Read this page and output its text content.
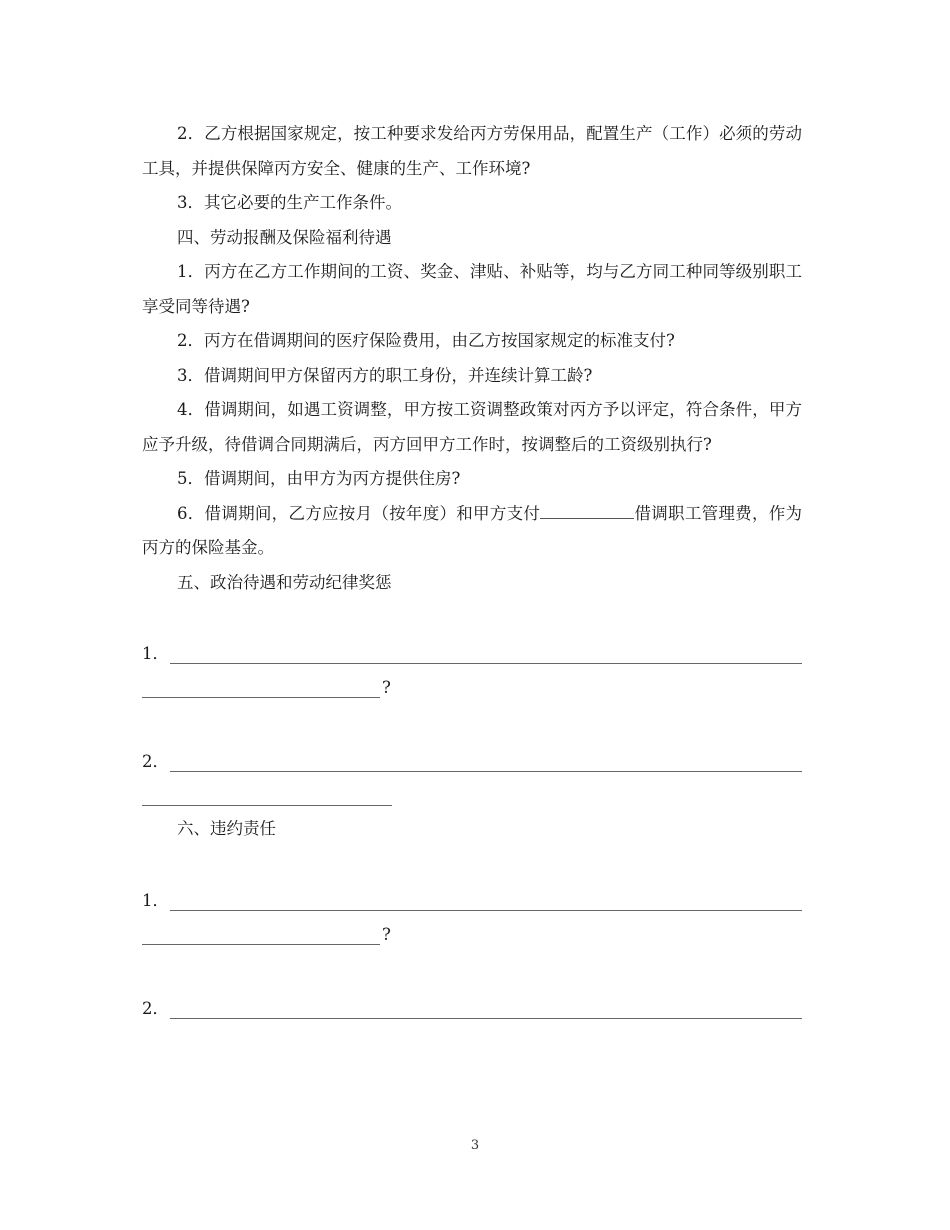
2．乙方根据国家规定，按工种要求发给丙方劳保用品，配置生产（工作）必须的劳动工具，并提供保障丙方安全、健康的生产、工作环境?

3．其它必要的生产工作条件。

四、劳动报酬及保险福利待遇

1．丙方在乙方工作期间的工资、奖金、津贴、补贴等，均与乙方同工种同等级别职工享受同等待遇?

2．丙方在借调期间的医疗保险费用，由乙方按国家规定的标准支付?

3．借调期间甲方保留丙方的职工身份，并连续计算工龄?

4．借调期间，如遇工资调整，甲方按工资调整政策对丙方予以评定，符合条件，甲方应予升级，待借调合同期满后，丙方回甲方工作时，按调整后的工资级别执行?

5．借调期间，由甲方为丙方提供住房?

6．借调期间，乙方应按月（按年度）和甲方支付	借调职工管理费，作为丙方的保险基金。

五、政治待遇和劳动纪律奖惩

1．
?
2．

六、违约责任

1．
?
2．
3
